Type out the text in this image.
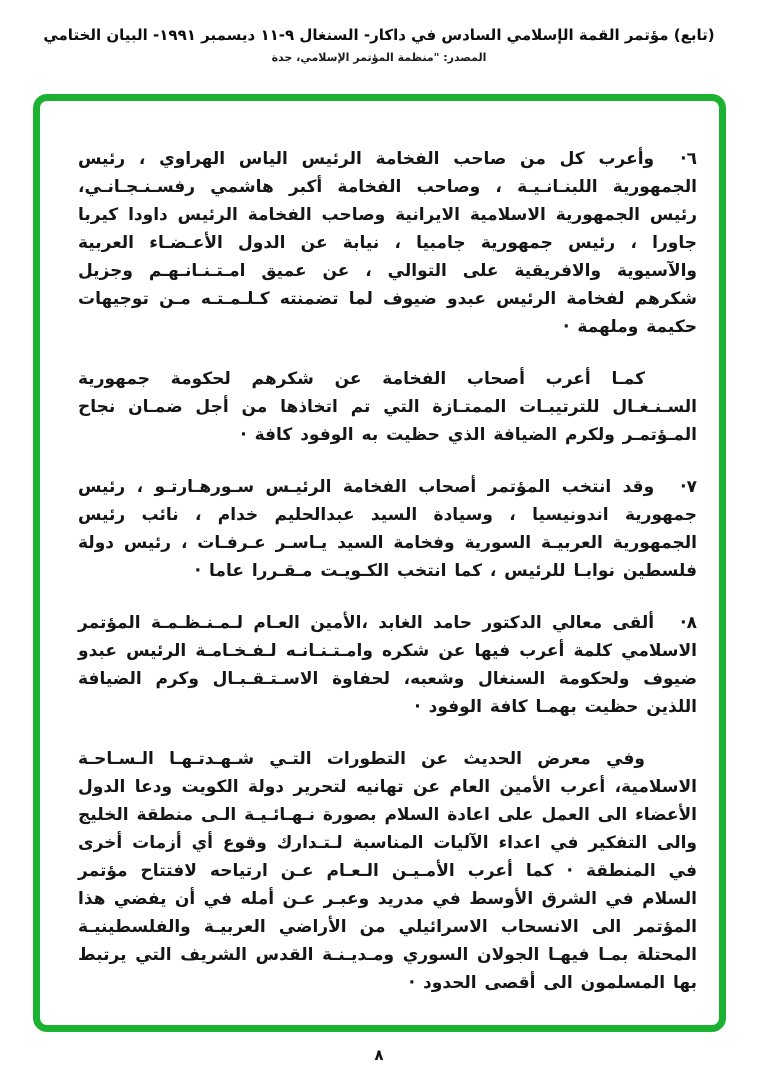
(تابع) مؤتمر القمة الإسلامي السادس في داكار- السنغال ٩-١١ ديسمبر ١٩٩١- البيان الختامي
المصدر: "منظمة المؤتمر الإسلامي، جدة

٦·وأعرب كل من صاحب الفخامة الرئيس الياس الهراوي ، رئيس الجمهورية اللبنـانـيـة ، وصاحب الفخامة أكبر هاشمي رفسـنـجـانـي، رئيس الجمهورية الاسلامية الايرانية وصاحب الفخامة الرئيس داودا كيربا جاورا ، رئيس جمهورية جامبيا ، نيابة عن الدول الأعـضـاء العربية والآسيوية والافريقية على التوالي ، عن عميق امـتـنـانـهـم وجزيل شكرهم لفخامة الرئيس عبدو ضيوف لما تضمنته كـلـمـتـه مـن توجيهات حكيمة وملهمة ·

كمـا أعرب أصحاب الفخامة عن شكرهم لحكومة جمهورية السـنـغـال للترتيبـات الممتـازة التي تم اتخاذها من أجل ضمـان نجاح المـؤتمـر ولكرم الضيافة الذي حظيت به الوفود كافة ·

٧·وقد انتخب المؤتمر أصحاب الفخامة الرئيـس سـورهـارتـو ، رئيس جمهورية اندونيسيا ، وسيادة السيد عبدالحليم خدام ، نائب رئيس الجمهورية العربيـة السورية وفخامة السيد يـاسـر عـرفـات ، رئيس دولة فلسطين نوابـا للرئيس ، كما انتخب الكـويـت مـقـررا عاما ·

٨·ألقى معالي الدكتور حامد الغابد ،الأمين العـام لـمـنـظـمـة المؤتمر الاسلامي كلمة أعرب فيها عن شكره وامـتـنـانـه لـفـخـامـة الرئيس عبدو ضيوف ولحكومة السنغال وشعبه، لحفاوة الاسـتـقـبـال وكرم الضيافة اللذين حظيت بهمـا كافة الوفود ·

وفي معرض الحديث عن التطورات التـي شـهـدتـهـا الـسـاحـة الاسلامية، أعرب الأمين العام عن تهانيه لتحرير دولة الكويت ودعا الدول الأعضاء الى العمل على اعادة السلام بصورة نـهـائـيـة الـى منطقة الخليج والى التفكير في اعداء الآليات المناسبة لـتـدارك وقوع أي أزمات أخرى في المنطقة · كما أعرب الأمـيـن الـعـام عـن ارتياحه لافتتاح مؤتمر السلام في الشرق الأوسط في مدريد وعبـر عـن أمله في أن يفضي هذا المؤتمر الى الانسحاب الاسرائيلي من الأراضي العربيـة والفلسطينيـة المحتلة بمـا فيهـا الجولان السوري ومـديـنـة القدس الشريف التي يرتبط بها المسلمون الى أقصى الحدود ·

٨
